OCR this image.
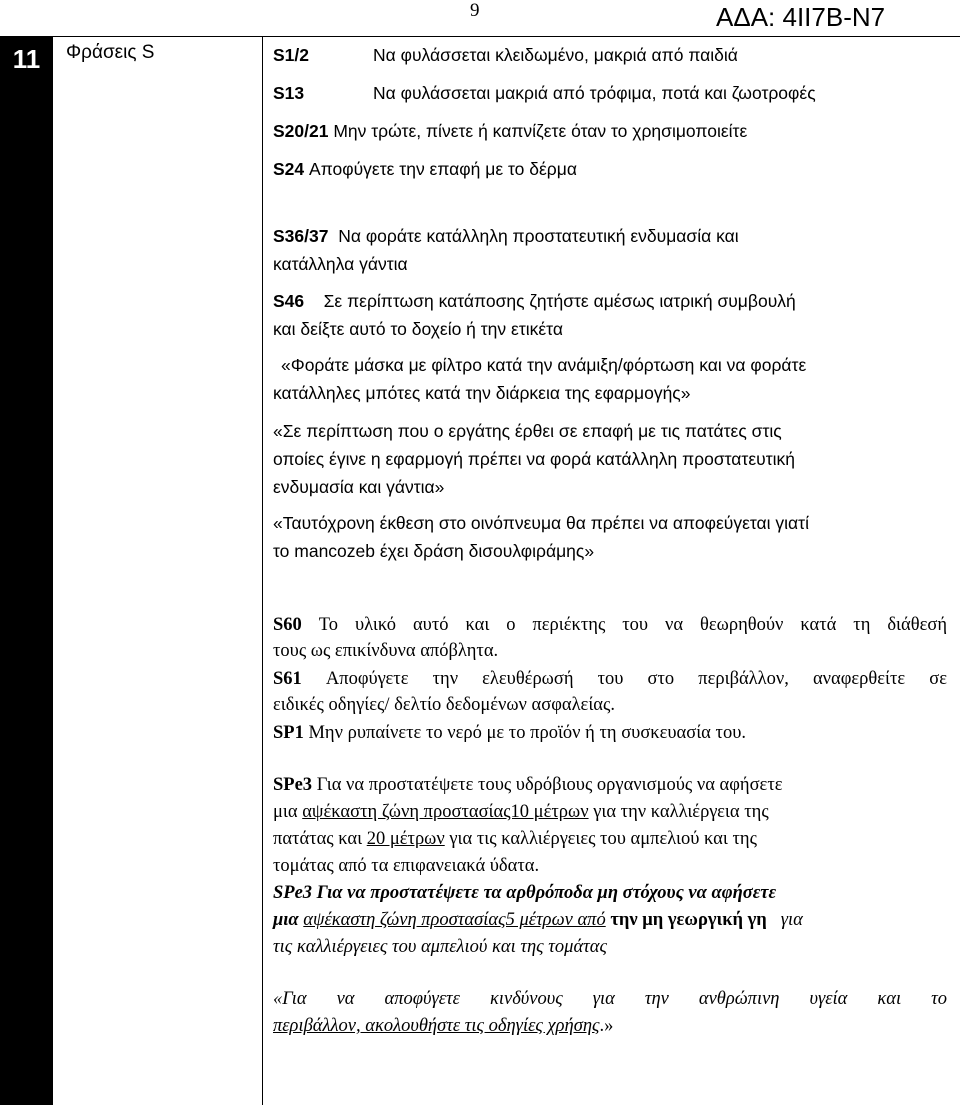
9	ΑΔΑ: 4ΙΙ7Β-Ν7
11	Φράσεις S	S1/2	Να φυλάσσεται κλειδωμένο, μακριά από παιδιά
S13	Να φυλάσσεται μακριά από τρόφιμα, ποτά και ζωοτροφές
S20/21 Μην τρώτε, πίνετε ή καπνίζετε όταν το χρησιμοποιείτε
S24 Αποφύγετε την επαφή με το δέρμα
S36/37 Να φοράτε κατάλληλη προστατευτική ενδυμασία και
κατάλληλα γάντια
S46 Σε περίπτωση κατάποσης ζητήστε αμέσως ιατρική συμβουλή
και δείξτε αυτό το δοχείο ή την ετικέτα
«Φοράτε μάσκα με φίλτρο κατά την ανάμιξη/φόρτωση και να φοράτε
κατάλληλες μπότες κατά την διάρκεια της εφαρμογής»
«Σε περίπτωση που ο εργάτης έρθει σε επαφή με τις πατάτες στις
οποίες έγινε η εφαρμογή πρέπει να φορά κατάλληλη προστατευτική
ενδυμασία και γάντια»
«Ταυτόχρονη έκθεση στο οινόπνευμα θα πρέπει να αποφεύγεται γιατί
το mancozeb έχει δράση δισουλφιράμης»
S60 Το υλικό αυτό και ο περιέκτης του να θεωρηθούν κατά τη διάθεσή
τους ως επικίνδυνα απόβλητα.
S61 Αποφύγετε την ελευθέρωσή του στο περιβάλλον, αναφερθείτε σε
ειδικές οδηγίες/ δελτίο δεδομένων ασφαλείας.
SP1 Μην ρυπαίνετε το νερό με το προϊόν ή τη συσκευασία του.
SPe3 Για να προστατέψετε τους υδρόβιους οργανισμούς να αφήσετε
μια αψέκαστη ζώνη προστασίας10 μέτρων για την καλλιέργεια της
πατάτας και 20 μέτρων για τις καλλιέργειες του αμπελιού και της
τομάτας από τα επιφανειακά ύδατα.
SPe3 Για να προστατέψετε τα αρθρόποδα μη στόχους να αφήσετε
μια αψέκαστη ζώνη προστασίας5 μέτρων από την μη γεωργική γη για
τις καλλιέργειες του αμπελιού και της τομάτας
«Για να αποφύγετε κινδύνους για την ανθρώπινη υγεία και το
περιβάλλον, ακολουθήστε τις οδηγίες χρήσης.»
